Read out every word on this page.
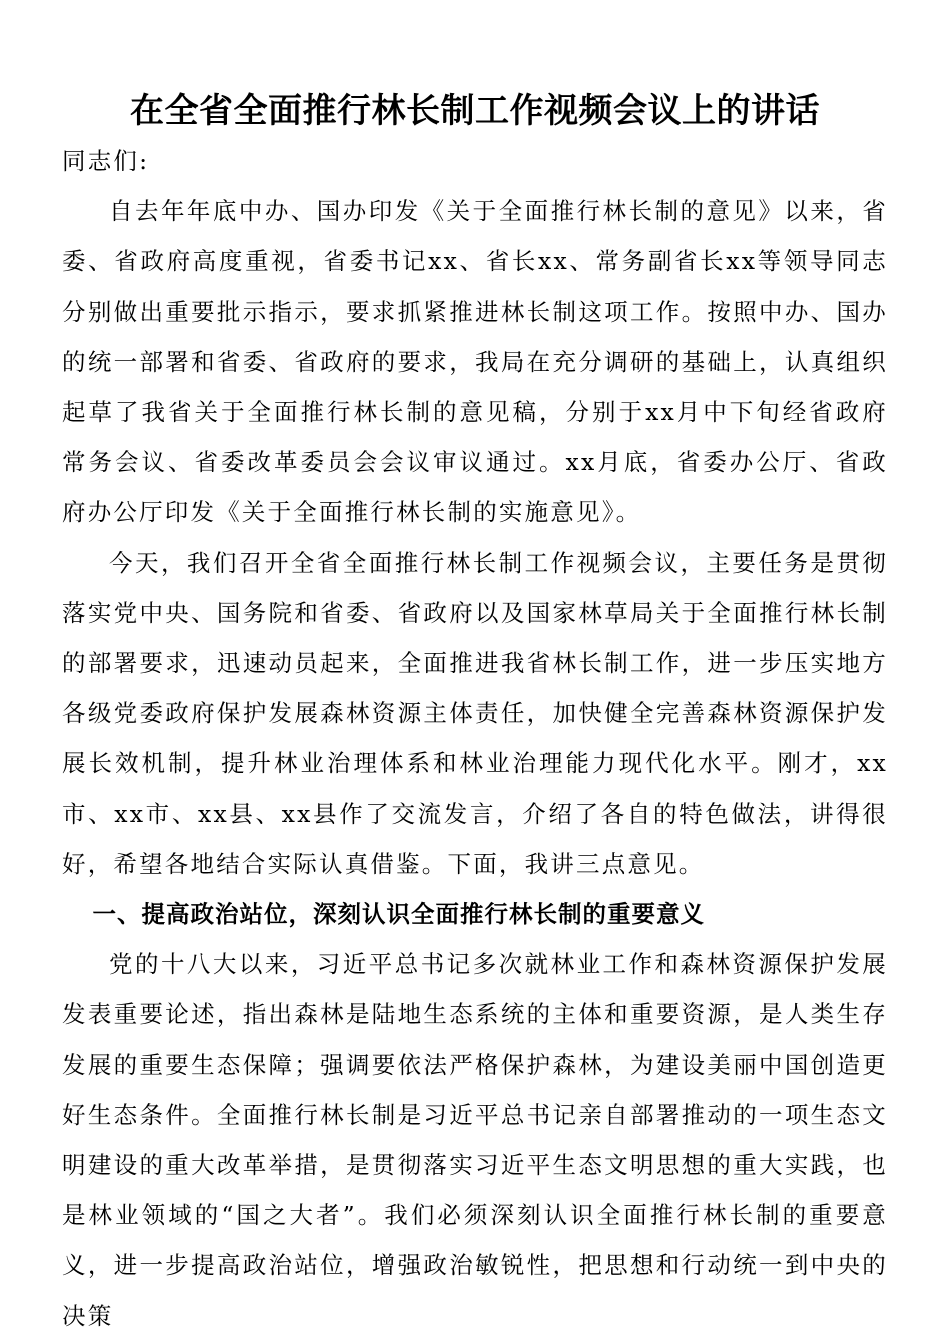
在全省全面推行林长制工作视频会议上的讲话

同志们:

自去年年底中办、国办印发《关于全面推行林长制的意见》以来，省委、省政府高度重视，省委书记xx、省长xx、常务副省长xx等领导同志分别做出重要批示指示，要求抓紧推进林长制这项工作。按照中办、国办的统一部署和省委、省政府的要求，我局在充分调研的基础上，认真组织起草了我省关于全面推行林长制的意见稿，分别于xx月中下旬经省政府常务会议、省委改革委员会会议审议通过。xx月底，省委办公厅、省政府办公厅印发《关于全面推行林长制的实施意见》。

今天，我们召开全省全面推行林长制工作视频会议，主要任务是贯彻落实党中央、国务院和省委、省政府以及国家林草局关于全面推行林长制的部署要求，迅速动员起来，全面推进我省林长制工作，进一步压实地方各级党委政府保护发展森林资源主体责任，加快健全完善森林资源保护发展长效机制，提升林业治理体系和林业治理能力现代化水平。刚才，xx市、xx市、xx县、xx县作了交流发言，介绍了各自的特色做法，讲得很好，希望各地结合实际认真借鉴。下面，我讲三点意见。

一、提高政治站位，深刻认识全面推行林长制的重要意义

党的十八大以来，习近平总书记多次就林业工作和森林资源保护发展发表重要论述，指出森林是陆地生态系统的主体和重要资源，是人类生存发展的重要生态保障；强调要依法严格保护森林，为建设美丽中国创造更好生态条件。全面推行林长制是习近平总书记亲自部署推动的一项生态文明建设的重大改革举措，是贯彻落实习近平生态文明思想的重大实践，也是林业领域的“国之大者”。我们必须深刻认识全面推行林长制的重要意义，进一步提高政治站位，增强政治敏锐性，把思想和行动统一到中央的决策
